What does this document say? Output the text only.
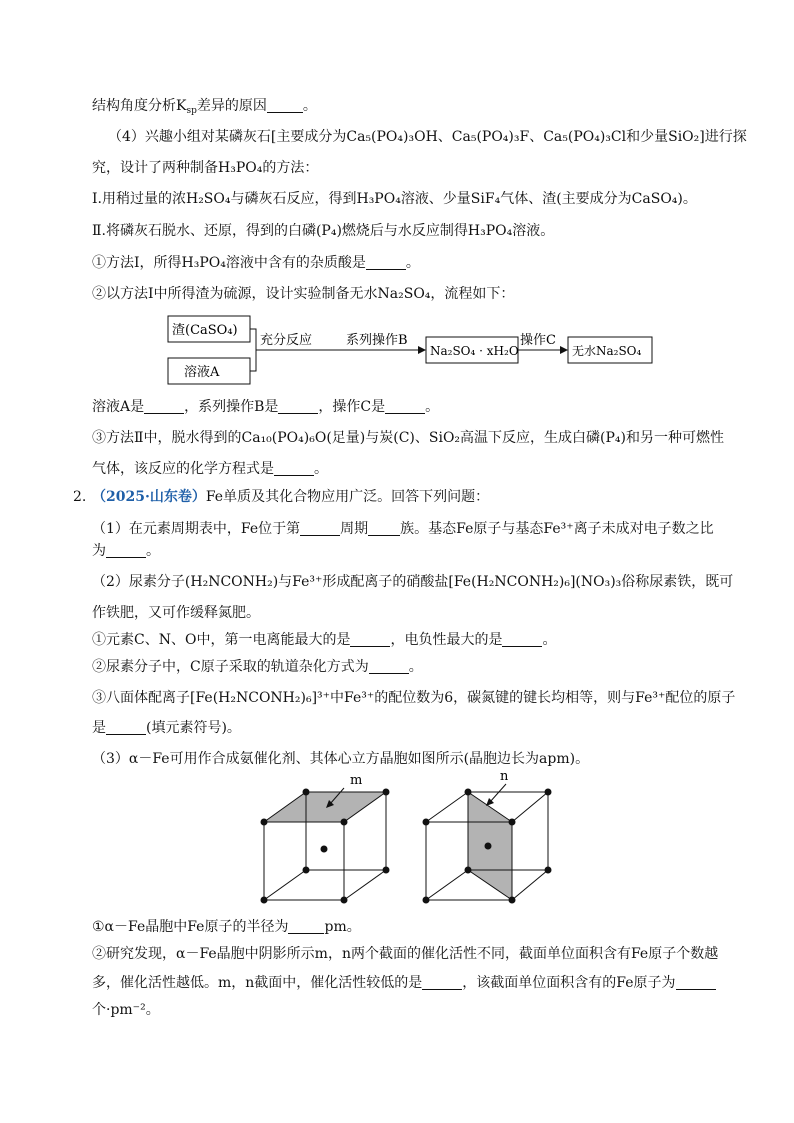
结构角度分析$K_{sp}$差异的原因	。
（4）兴趣小组对某磷灰石[主要成分为Ca₅(PO₄)₃OH、Ca₅(PO₄)₃F、Ca₅(PO₄)₃Cl和少量SiO₂]进行探
究，设计了两种制备H₃PO₄的方法：
Ⅰ.用稍过量的浓H₂SO₄与磷灰石反应，得到H₃PO₄溶液、少量SiF₄气体、渣(主要成分为CaSO₄)。
Ⅱ.将磷灰石脱水、还原，得到的白磷(P₄)燃烧后与水反应制得H₃PO₄溶液。
①方法Ⅰ，所得H₃PO₄溶液中含有的杂质酸是	。
②以方法Ⅰ中所得渣为硫源，设计实验制备无水Na₂SO₄，流程如下：
渣(CaSO₄)
溶液A
充分反应	系列操作B
Na₂SO₄ · xH₂O
操作C
无水Na₂SO₄
溶液A是	，系列操作B是	，操作C是	。
③方法Ⅱ中，脱水得到的Ca₁₀(PO₄)₆O(足量)与炭(C)、SiO₂高温下反应，生成白磷(P₄)和另一种可燃性
气体，该反应的化学方程式是	。
2. （2025·山东卷）Fe单质及其化合物应用广泛。回答下列问题：
（1）在元素周期表中，Fe位于第	周期 族。基态Fe原子与基态Fe³⁺离子未成对电子数之比
为	。
（2）尿素分子(H₂NCONH₂)与Fe³⁺形成配离子的硝酸盐[Fe(H₂NCONH₂)₆](NO₃)₃俗称尿素铁，既可
作铁肥，又可作缓释氮肥。
①元素C、N、O中，第一电离能最大的是	，电负性最大的是	。
②尿素分子中，C原子采取的轨道杂化方式为	。
③八面体配离子[Fe(H₂NCONH₂)₆]³⁺中Fe³⁺的配位数为6，碳氮键的键长均相等，则与Fe³⁺配位的原子
是	(填元素符号)。
（3）α－Fe可用作合成氨催化剂、其体心立方晶胞如图所示(晶胞边长为apm)。
m	n
①α－Fe晶胞中Fe原子的半径为	pm。
②研究发现，α－Fe晶胞中阴影所示m，n两个截面的催化活性不同，截面单位面积含有Fe原子个数越
多，催化活性越低。m，n截面中，催化活性较低的是	，该截面单位面积含有的Fe原子为
个·pm⁻²。
